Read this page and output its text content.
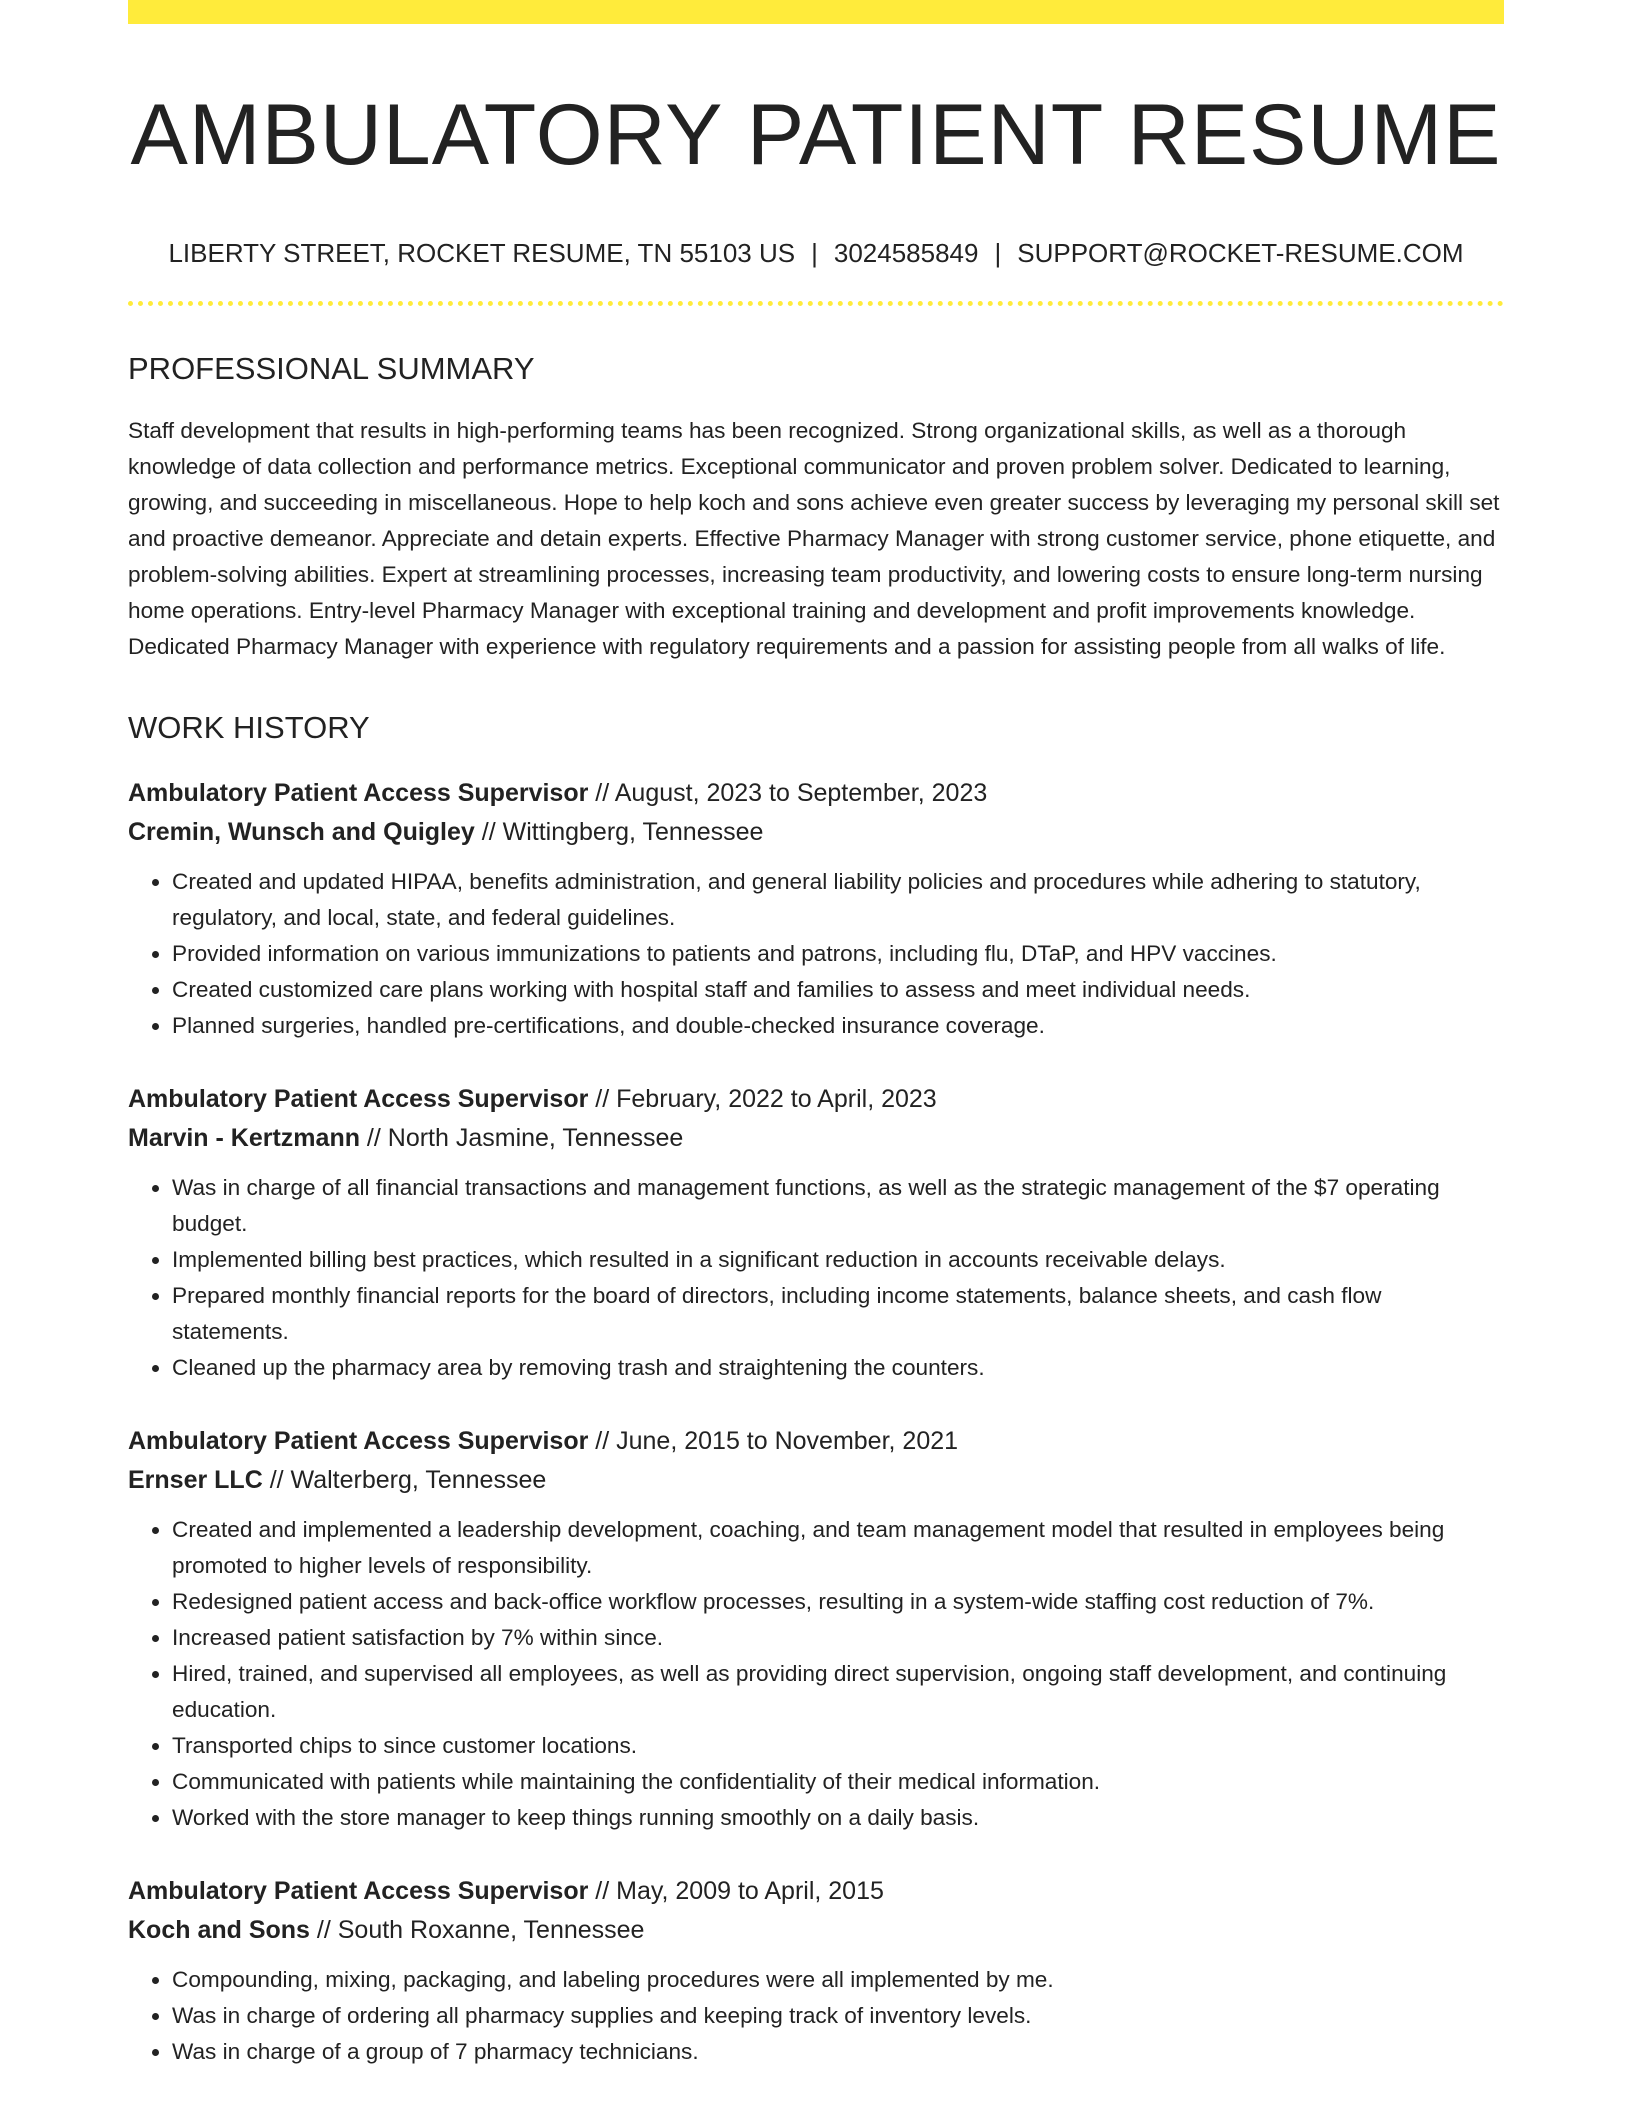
AMBULATORY PATIENT RESUME
LIBERTY STREET, ROCKET RESUME, TN 55103 US | 3024585849 | SUPPORT@ROCKET-RESUME.COM
PROFESSIONAL SUMMARY
Staff development that results in high-performing teams has been recognized. Strong organizational skills, as well as a thorough knowledge of data collection and performance metrics. Exceptional communicator and proven problem solver. Dedicated to learning, growing, and succeeding in miscellaneous. Hope to help koch and sons achieve even greater success by leveraging my personal skill set and proactive demeanor. Appreciate and detain experts. Effective Pharmacy Manager with strong customer service, phone etiquette, and problem-solving abilities. Expert at streamlining processes, increasing team productivity, and lowering costs to ensure long-term nursing home operations. Entry-level Pharmacy Manager with exceptional training and development and profit improvements knowledge. Dedicated Pharmacy Manager with experience with regulatory requirements and a passion for assisting people from all walks of life.
WORK HISTORY
Ambulatory Patient Access Supervisor // August, 2023 to September, 2023
Cremin, Wunsch and Quigley // Wittingberg, Tennessee
• Created and updated HIPAA, benefits administration, and general liability policies and procedures while adhering to statutory, regulatory, and local, state, and federal guidelines.
• Provided information on various immunizations to patients and patrons, including flu, DTaP, and HPV vaccines.
• Created customized care plans working with hospital staff and families to assess and meet individual needs.
• Planned surgeries, handled pre-certifications, and double-checked insurance coverage.
Ambulatory Patient Access Supervisor // February, 2022 to April, 2023
Marvin - Kertzmann // North Jasmine, Tennessee
• Was in charge of all financial transactions and management functions, as well as the strategic management of the $7 operating budget.
• Implemented billing best practices, which resulted in a significant reduction in accounts receivable delays.
• Prepared monthly financial reports for the board of directors, including income statements, balance sheets, and cash flow statements.
• Cleaned up the pharmacy area by removing trash and straightening the counters.
Ambulatory Patient Access Supervisor // June, 2015 to November, 2021
Ernser LLC // Walterberg, Tennessee
• Created and implemented a leadership development, coaching, and team management model that resulted in employees being promoted to higher levels of responsibility.
• Redesigned patient access and back-office workflow processes, resulting in a system-wide staffing cost reduction of 7%.
• Increased patient satisfaction by 7% within since.
• Hired, trained, and supervised all employees, as well as providing direct supervision, ongoing staff development, and continuing education.
• Transported chips to since customer locations.
• Communicated with patients while maintaining the confidentiality of their medical information.
• Worked with the store manager to keep things running smoothly on a daily basis.
Ambulatory Patient Access Supervisor // May, 2009 to April, 2015
Koch and Sons // South Roxanne, Tennessee
• Compounding, mixing, packaging, and labeling procedures were all implemented by me.
• Was in charge of ordering all pharmacy supplies and keeping track of inventory levels.
• Was in charge of a group of 7 pharmacy technicians.
